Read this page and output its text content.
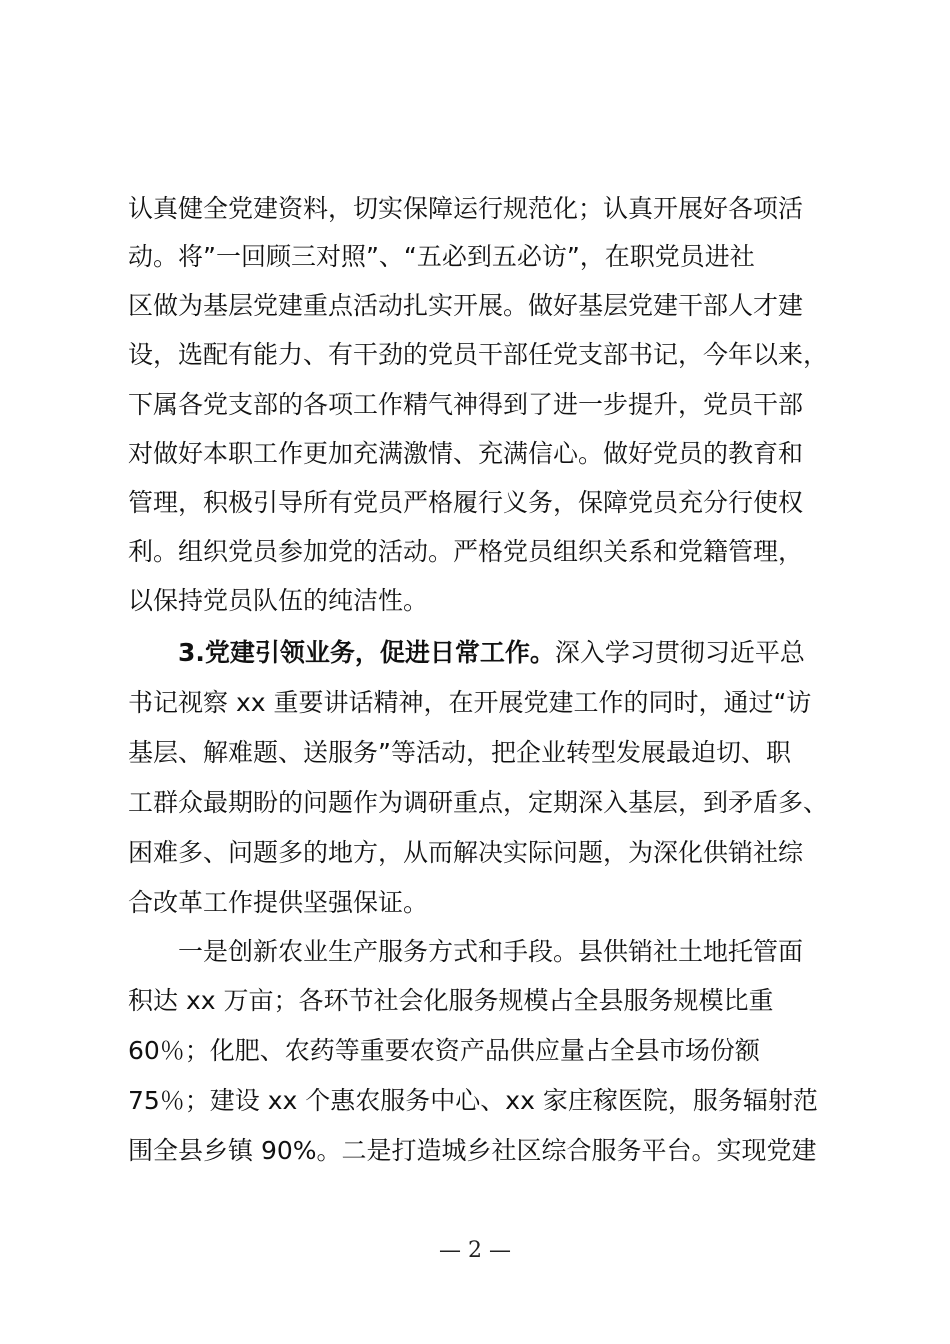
认真健全党建资料，切实保障运行规范化；认真开展好各项活
动。将”一回顾三对照”、“五必到五必访”，在职党员进社
区做为基层党建重点活动扎实开展。做好基层党建干部人才建
设，选配有能力、有干劲的党员干部任党支部书记，今年以来，
下属各党支部的各项工作精气神得到了进一步提升，党员干部
对做好本职工作更加充满激情、充满信心。做好党员的教育和
管理，积极引导所有党员严格履行义务，保障党员充分行使权
利。组织党员参加党的活动。严格党员组织关系和党籍管理，
以保持党员队伍的纯洁性。
3.党建引领业务，促进日常工作。深入学习贯彻习近平总
书记视察 xx 重要讲话精神，在开展党建工作的同时，通过“访
基层、解难题、送服务”等活动，把企业转型发展最迫切、职
工群众最期盼的问题作为调研重点，定期深入基层，到矛盾多、
困难多、问题多的地方，从而解决实际问题，为深化供销社综
合改革工作提供坚强保证。
一是创新农业生产服务方式和手段。县供销社土地托管面
积达 xx 万亩；各环节社会化服务规模占全县服务规模比重
60％；化肥、农药等重要农资产品供应量占全县市场份额
75％；建设 xx 个惠农服务中心、xx 家庄稼医院，服务辐射范
围全县乡镇 90%。二是打造城乡社区综合服务平台。实现党建
— 2 —
